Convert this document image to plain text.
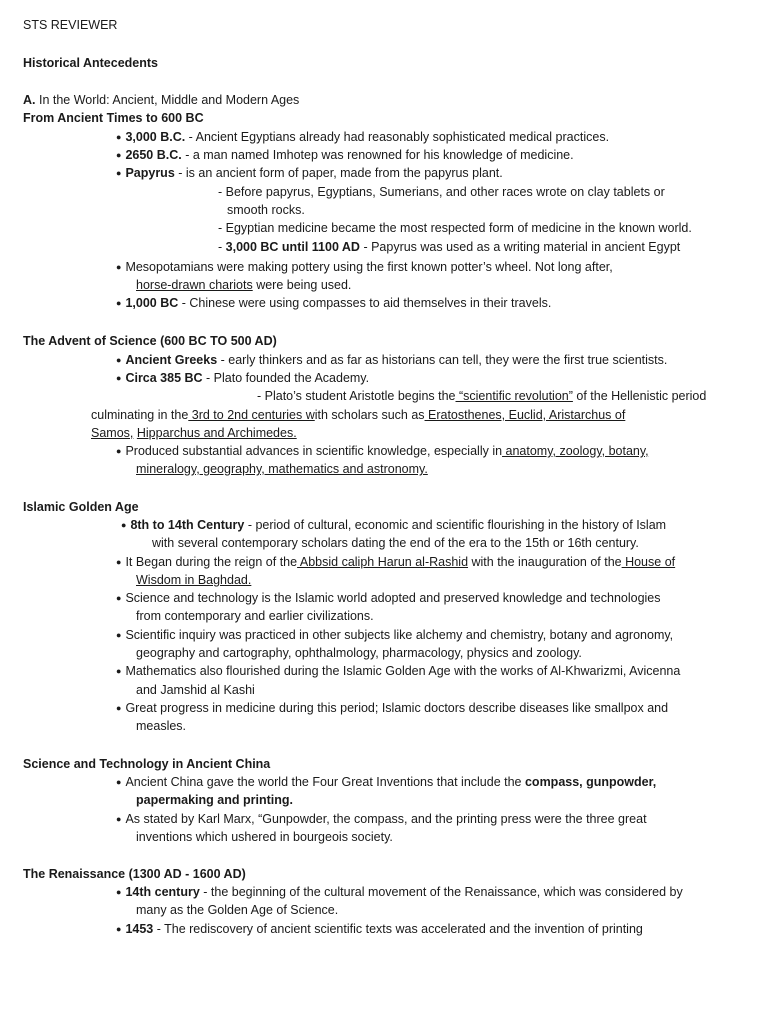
STS REVIEWER
Historical Antecedents
A. In the World: Ancient, Middle and Modern Ages
From Ancient Times to 600 BC
● 3,000 B.C. - Ancient Egyptians already had reasonably sophisticated medical practices.
● 2650 B.C. - a man named Imhotep was renowned for his knowledge of medicine.
● Papyrus - is an ancient form of paper, made from the papyrus plant.
- Before papyrus, Egyptians, Sumerians, and other races wrote on clay tablets or
smooth rocks.
- Egyptian medicine became the most respected form of medicine in the known world.
- 3,000 BC until 1100 AD - Papyrus was used as a writing material in ancient Egypt
● Mesopotamians were making pottery using the first known potter’s wheel. Not long after,
horse-drawn chariots were being used.
● 1,000 BC - Chinese were using compasses to aid themselves in their travels.
The Advent of Science (600 BC TO 500 AD)
● Ancient Greeks - early thinkers and as far as historians can tell, they were the first true scientists.
● Circa 385 BC - Plato founded the Academy.
- Plato’s student Aristotle begins the “scientific revolution” of the Hellenistic period
culminating in the 3rd to 2nd centuries with scholars such as Eratosthenes, Euclid, Aristarchus of
Samos, Hipparchus and Archimedes.
● Produced substantial advances in scientific knowledge, especially in anatomy, zoology, botany,
mineralogy, geography, mathematics and astronomy.
Islamic Golden Age
● 8th to 14th Century - period of cultural, economic and scientific flourishing in the history of Islam
with several contemporary scholars dating the end of the era to the 15th or 16th century.
● It Began during the reign of the Abbsid caliph Harun al-Rashid with the inauguration of the House of
Wisdom in Baghdad.
● Science and technology is the Islamic world adopted and preserved knowledge and technologies
from contemporary and earlier civilizations.
● Scientific inquiry was practiced in other subjects like alchemy and chemistry, botany and agronomy,
geography and cartography, ophthalmology, pharmacology, physics and zoology.
● Mathematics also flourished during the Islamic Golden Age with the works of Al-Khwarizmi, Avicenna
and Jamshid al Kashi
● Great progress in medicine during this period; Islamic doctors describe diseases like smallpox and
measles.
Science and Technology in Ancient China
● Ancient China gave the world the Four Great Inventions that include the compass, gunpowder,
papermaking and printing.
● As stated by Karl Marx, “Gunpowder, the compass, and the printing press were the three great
inventions which ushered in bourgeois society.
The Renaissance (1300 AD - 1600 AD)
● 14th century - the beginning of the cultural movement of the Renaissance, which was considered by
many as the Golden Age of Science.
● 1453 - The rediscovery of ancient scientific texts was accelerated and the invention of printing
